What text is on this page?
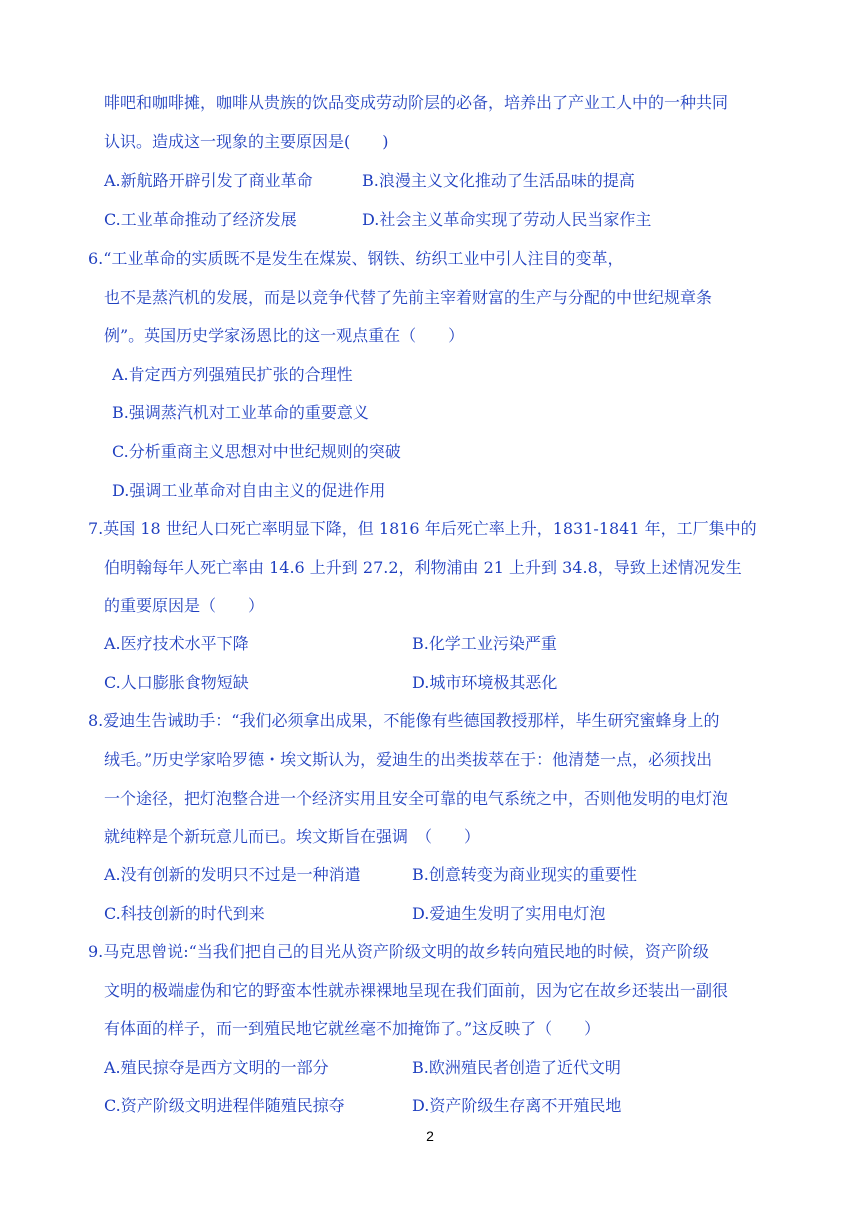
啡吧和咖啡摊，咖啡从贵族的饮品变成劳动阶层的必备，培养出了产业工人中的一种共同
认识。造成这一现象的主要原因是(　　)
A.新航路开辟引发了商业革命	B.浪漫主义文化推动了生活品味的提高
C.工业革命推动了经济发展	D.社会主义革命实现了劳动人民当家作主
6.“工业革命的实质既不是发生在煤炭、钢铁、纺织工业中引人注目的变革，
也不是蒸汽机的发展，而是以竞争代替了先前主宰着财富的生产与分配的中世纪规章条
例”。英国历史学家汤恩比的这一观点重在（　　）
A.肯定西方列强殖民扩张的合理性
B.强调蒸汽机对工业革命的重要意义
C.分析重商主义思想对中世纪规则的突破
D.强调工业革命对自由主义的促进作用
7.英国 18 世纪人口死亡率明显下降，但 1816 年后死亡率上升，1831-1841 年，工厂集中的
伯明翰每年人死亡率由 14.6 上升到 27.2，利物浦由 21 上升到 34.8，导致上述情况发生
的重要原因是（　　）
A.医疗技术水平下降	B.化学工业污染严重
C.人口膨胀食物短缺	D.城市环境极其恶化
8.爱迪生告诫助手：“我们必须拿出成果，不能像有些德国教授那样，毕生研究蜜蜂身上的
绒毛。”历史学家哈罗德・埃文斯认为，爱迪生的出类拔萃在于：他清楚一点，必须找出
一个途径，把灯泡整合进一个经济实用且安全可靠的电气系统之中，否则他发明的电灯泡
就纯粹是个新玩意儿而已。埃文斯旨在强调　（　　）
A.没有创新的发明只不过是一种消遣	B.创意转变为商业现实的重要性
C.科技创新的时代到来	D.爱迪生发明了实用电灯泡
9.马克思曾说:“当我们把自己的目光从资产阶级文明的故乡转向殖民地的时候，资产阶级
文明的极端虚伪和它的野蛮本性就赤裸裸地呈现在我们面前，因为它在故乡还装出一副很
有体面的样子，而一到殖民地它就丝毫不加掩饰了。”这反映了（　　）
A.殖民掠夺是西方文明的一部分	B.欧洲殖民者创造了近代文明
C.资产阶级文明进程伴随殖民掠夺	D.资产阶级生存离不开殖民地
2
